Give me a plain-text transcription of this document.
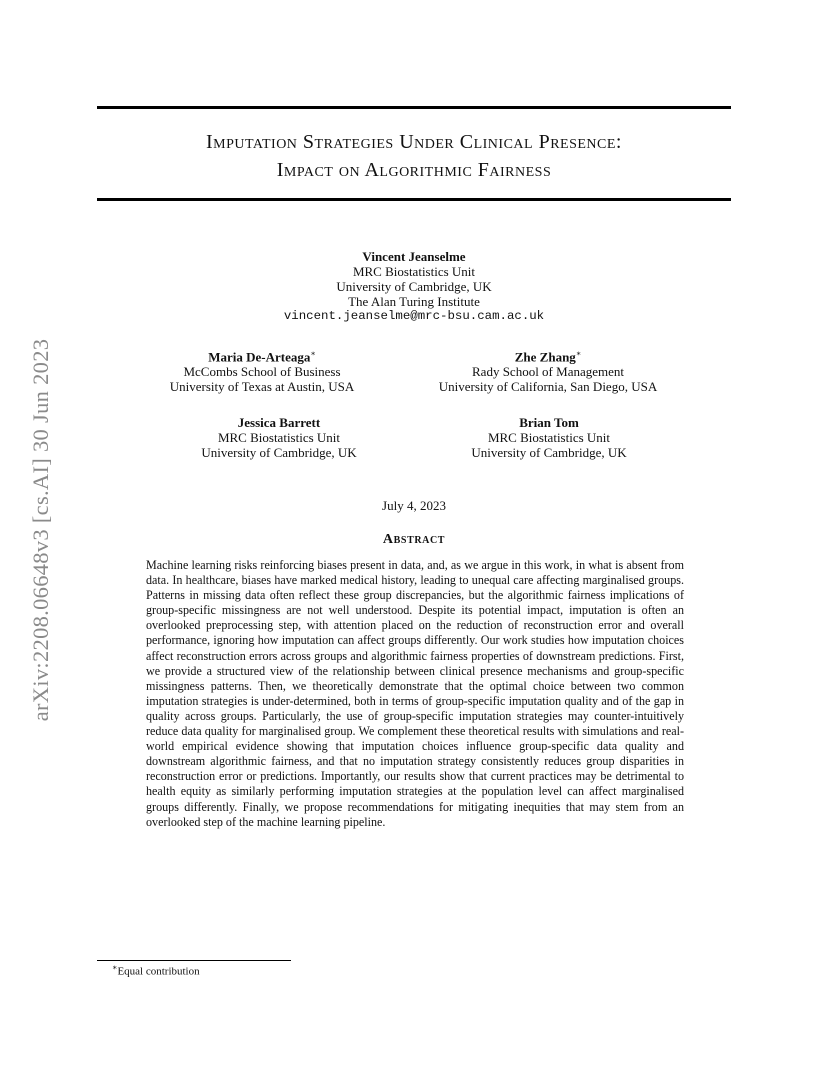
arXiv:2208.06648v3 [cs.AI] 30 Jun 2023
Imputation Strategies Under Clinical Presence:
Impact on Algorithmic Fairness
Vincent Jeanselme
MRC Biostatistics Unit
University of Cambridge, UK
The Alan Turing Institute
vincent.jeanselme@mrc-bsu.cam.ac.uk
Maria De-Arteaga∗
McCombs School of Business
University of Texas at Austin, USA
Zhe Zhang∗
Rady School of Management
University of California, San Diego, USA
Jessica Barrett
MRC Biostatistics Unit
University of Cambridge, UK
Brian Tom
MRC Biostatistics Unit
University of Cambridge, UK
July 4, 2023
Abstract
Machine learning risks reinforcing biases present in data, and, as we argue in this work, in what is absent from data. In healthcare, biases have marked medical history, leading to unequal care affecting marginalised groups. Patterns in missing data often reflect these group discrepancies, but the algorithmic fairness implications of group-specific missingness are not well understood. Despite its potential impact, imputation is often an overlooked preprocessing step, with attention placed on the reduction of reconstruction error and overall performance, ignoring how imputation can affect groups differently. Our work studies how imputation choices affect reconstruction errors across groups and algorithmic fairness properties of downstream predictions. First, we provide a structured view of the relationship between clinical presence mechanisms and group-specific missingness patterns. Then, we theoretically demonstrate that the optimal choice between two common imputation strategies is under-determined, both in terms of group-specific imputation quality and of the gap in quality across groups. Particularly, the use of group-specific imputation strategies may counter-intuitively reduce data quality for marginalised group. We complement these theoretical results with simulations and real-world empirical evidence showing that imputation choices influence group-specific data quality and downstream algorithmic fairness, and that no imputation strategy consistently reduces group disparities in reconstruction error or predictions. Importantly, our results show that current practices may be detrimental to health equity as similarly performing imputation strategies at the population level can affect marginalised groups differently. Finally, we propose recommendations for mitigating inequities that may stem from an overlooked step of the machine learning pipeline.
∗Equal contribution
